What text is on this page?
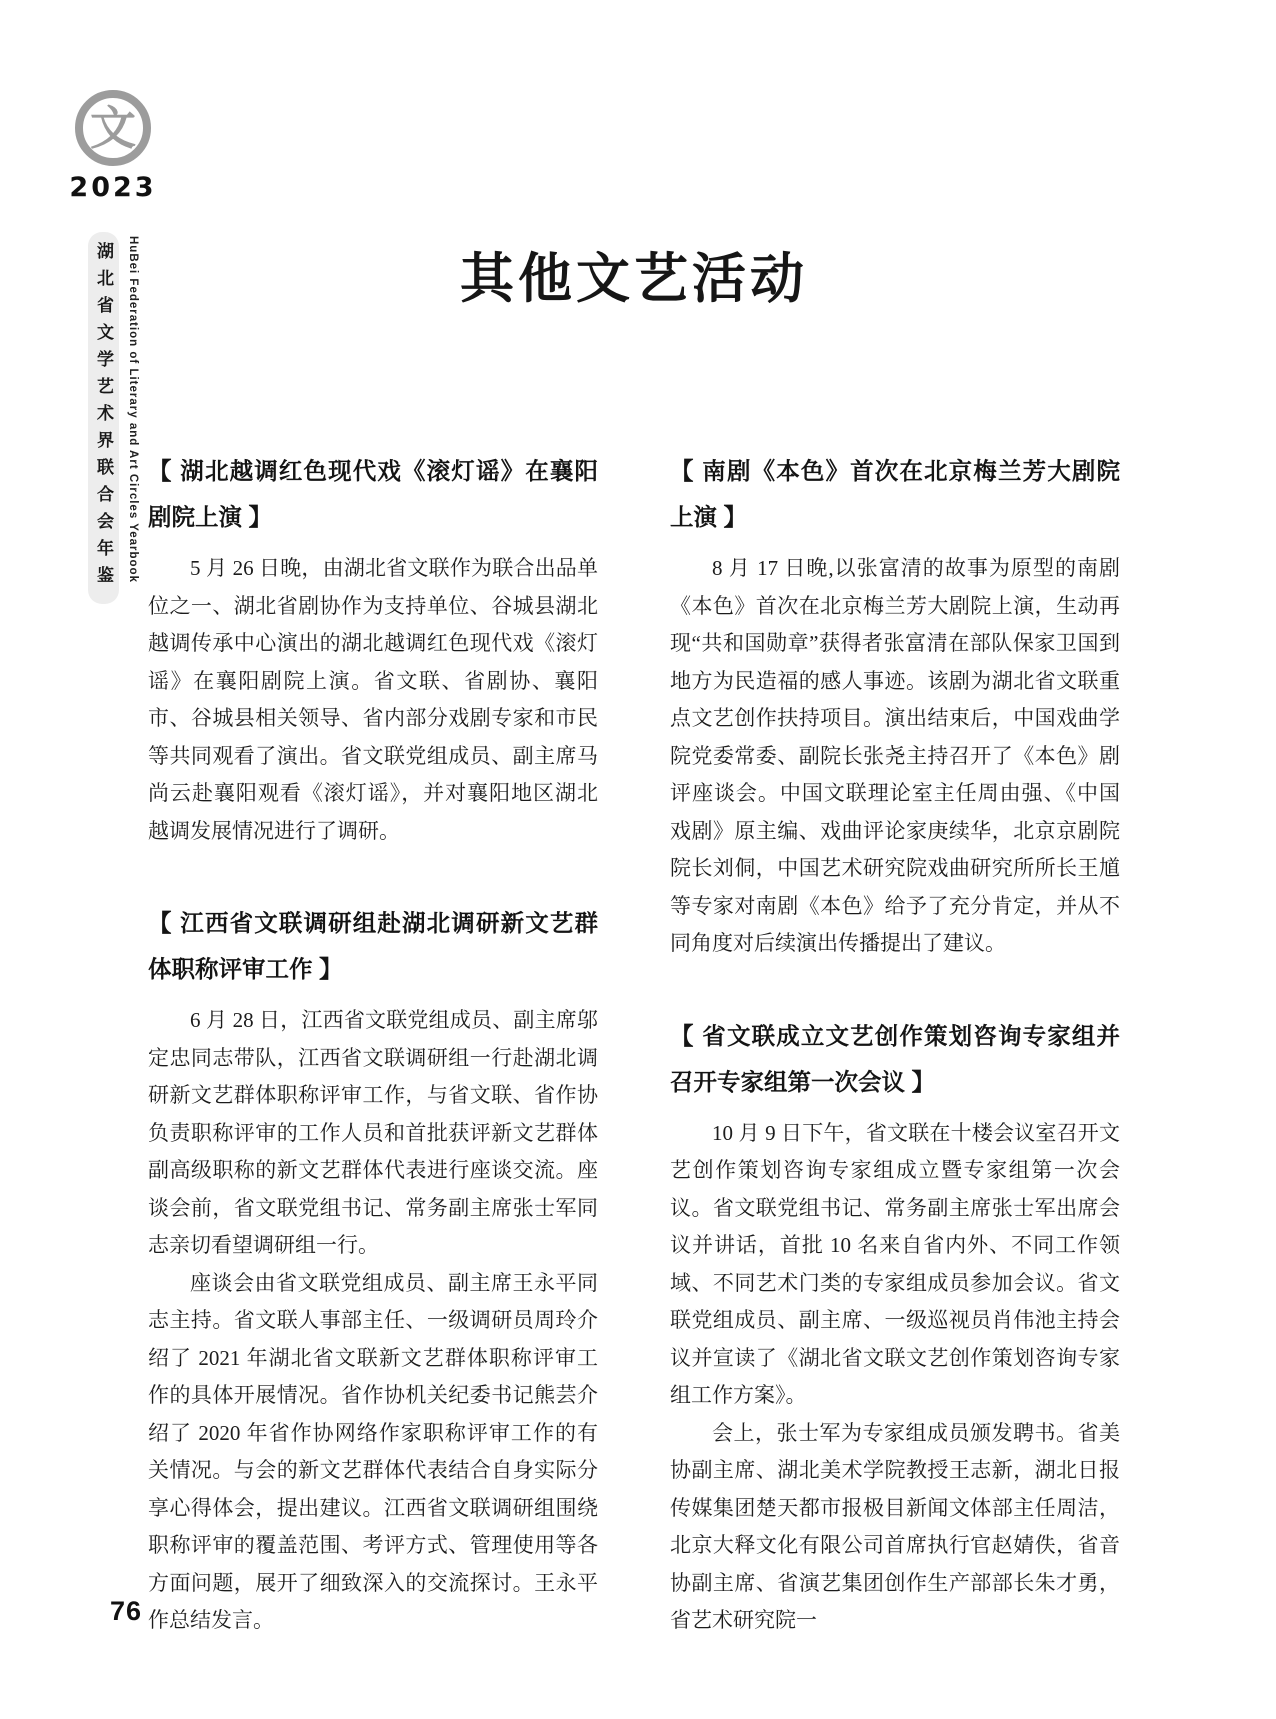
文
2023
湖北省文学艺术界联合会年鉴	HuBei Federation of Literary and Art Circles Yearbook	其他文艺活动
【 湖北越调红色现代戏《滚灯谣》在襄阳剧院上演 】

5 月 26 日晚，由湖北省文联作为联合出品单位之一、湖北省剧协作为支持单位、谷城县湖北越调传承中心演出的湖北越调红色现代戏《滚灯谣》在襄阳剧院上演。省文联、省剧协、襄阳市、谷城县相关领导、省内部分戏剧专家和市民等共同观看了演出。省文联党组成员、副主席马尚云赴襄阳观看《滚灯谣》，并对襄阳地区湖北越调发展情况进行了调研。

【 江西省文联调研组赴湖北调研新文艺群体职称评审工作 】

6 月 28 日，江西省文联党组成员、副主席邬定忠同志带队，江西省文联调研组一行赴湖北调研新文艺群体职称评审工作，与省文联、省作协负责职称评审的工作人员和首批获评新文艺群体副高级职称的新文艺群体代表进行座谈交流。座谈会前，省文联党组书记、常务副主席张士军同志亲切看望调研组一行。

座谈会由省文联党组成员、副主席王永平同志主持。省文联人事部主任、一级调研员周玲介绍了 2021 年湖北省文联新文艺群体职称评审工作的具体开展情况。省作协机关纪委书记熊芸介绍了 2020 年省作协网络作家职称评审工作的有关情况。与会的新文艺群体代表结合自身实际分享心得体会，提出建议。江西省文联调研组围绕职称评审的覆盖范围、考评方式、管理使用等各方面问题，展开了细致深入的交流探讨。王永平作总结发言。

【 南剧《本色》首次在北京梅兰芳大剧院上演 】

8 月 17 日晚,以张富清的故事为原型的南剧《本色》首次在北京梅兰芳大剧院上演，生动再现“共和国勋章”获得者张富清在部队保家卫国到地方为民造福的感人事迹。该剧为湖北省文联重点文艺创作扶持项目。演出结束后，中国戏曲学院党委常委、副院长张尧主持召开了《本色》剧评座谈会。中国文联理论室主任周由强、《中国戏剧》原主编、戏曲评论家庚续华，北京京剧院院长刘侗，中国艺术研究院戏曲研究所所长王馗等专家对南剧《本色》给予了充分肯定，并从不同角度对后续演出传播提出了建议。

【 省文联成立文艺创作策划咨询专家组并召开专家组第一次会议 】

10 月 9 日下午，省文联在十楼会议室召开文艺创作策划咨询专家组成立暨专家组第一次会议。省文联党组书记、常务副主席张士军出席会议并讲话，首批 10 名来自省内外、不同工作领域、不同艺术门类的专家组成员参加会议。省文联党组成员、副主席、一级巡视员肖伟池主持会议并宣读了《湖北省文联文艺创作策划咨询专家组工作方案》。

会上，张士军为专家组成员颁发聘书。省美协副主席、湖北美术学院教授王志新，湖北日报传媒集团楚天都市报极目新闻文体部主任周洁，北京大释文化有限公司首席执行官赵婧佚，省音协副主席、省演艺集团创作生产部部长朱才勇，省艺术研究院一

76
